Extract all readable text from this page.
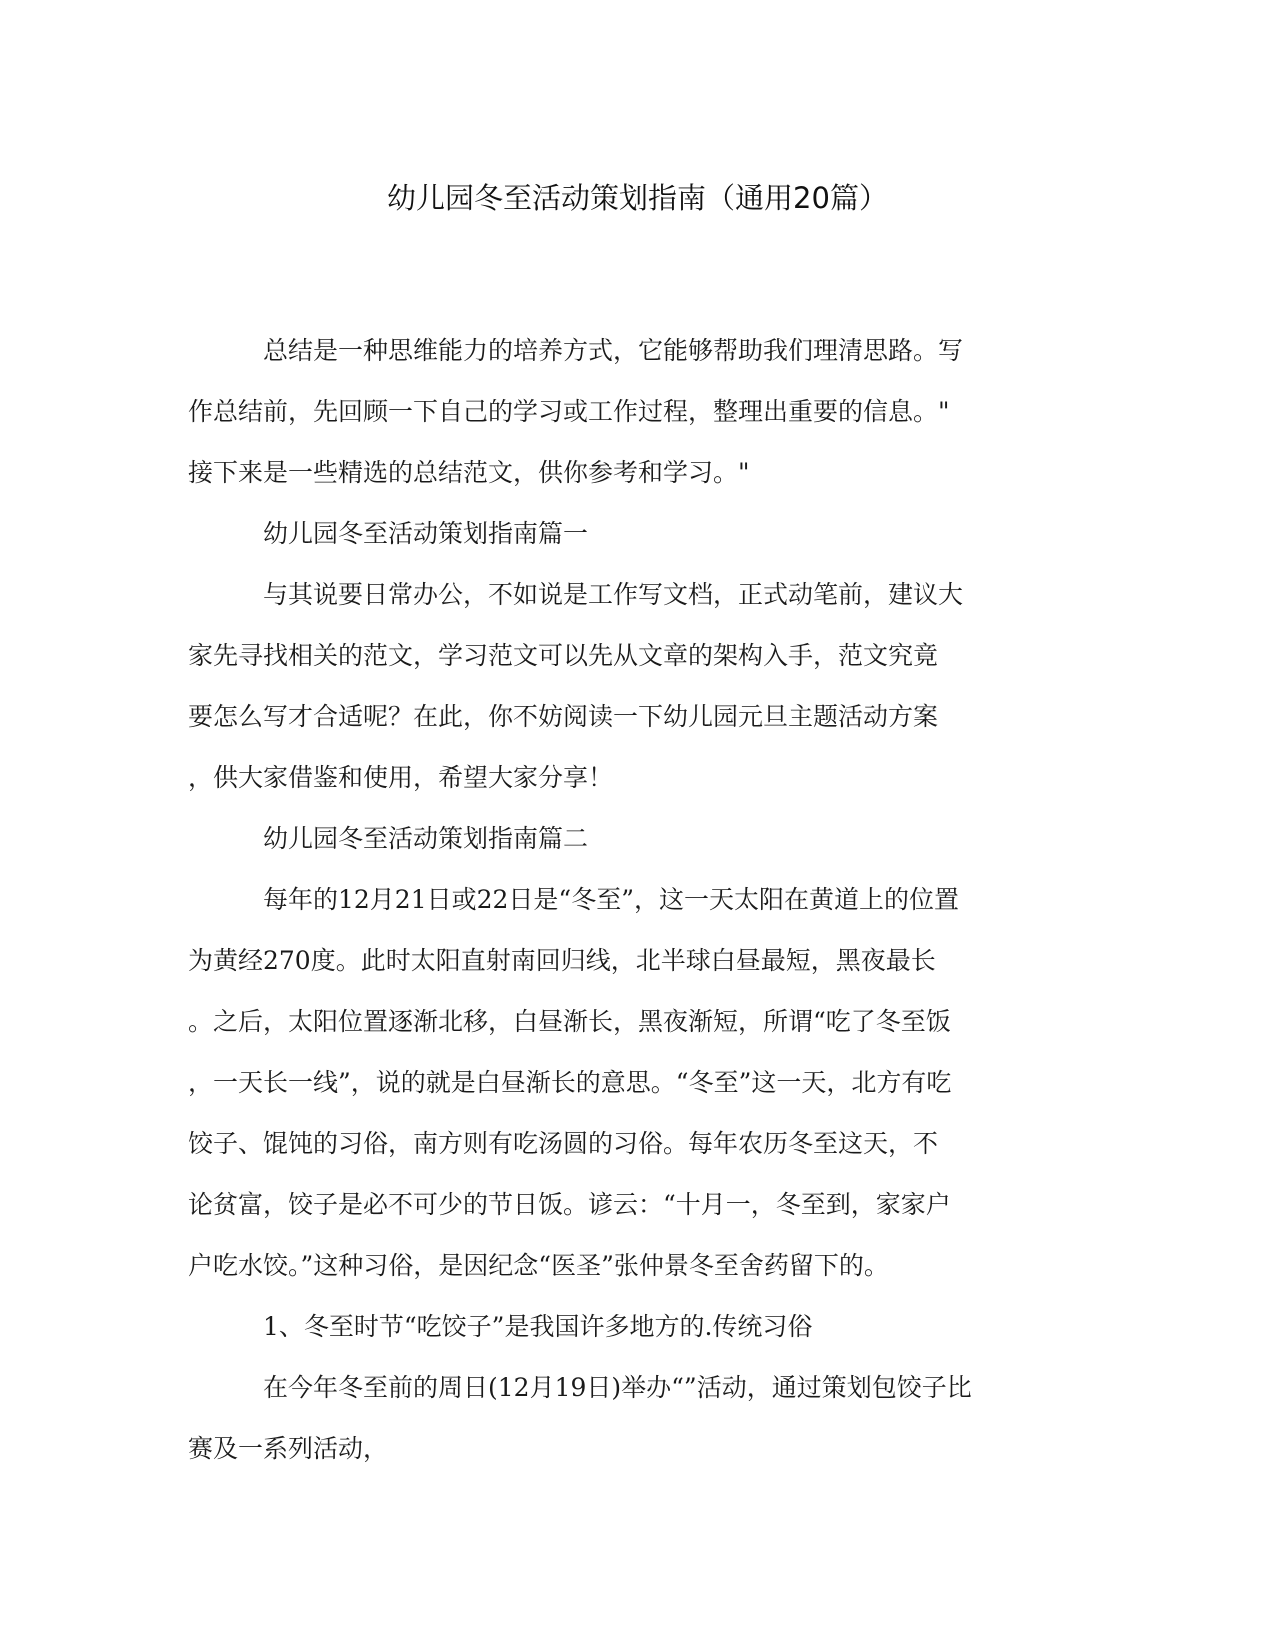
幼儿园冬至活动策划指南（通用20篇）

总结是一种思维能力的培养方式，它能够帮助我们理清思路。写
作总结前，先回顾一下自己的学习或工作过程，整理出重要的信息。"
接下来是一些精选的总结范文，供你参考和学习。"

幼儿园冬至活动策划指南篇一

与其说要日常办公，不如说是工作写文档，正式动笔前，建议大
家先寻找相关的范文，学习范文可以先从文章的架构入手，范文究竟
要怎么写才合适呢？在此，你不妨阅读一下幼儿园元旦主题活动方案
，供大家借鉴和使用，希望大家分享！

幼儿园冬至活动策划指南篇二

每年的12月21日或22日是“冬至”，这一天太阳在黄道上的位置
为黄经270度。此时太阳直射南回归线，北半球白昼最短，黑夜最长
。之后，太阳位置逐渐北移，白昼渐长，黑夜渐短，所谓“吃了冬至饭
，一天长一线”，说的就是白昼渐长的意思。“冬至”这一天，北方有吃
饺子、馄饨的习俗，南方则有吃汤圆的习俗。每年农历冬至这天，不
论贫富，饺子是必不可少的节日饭。谚云：“十月一，冬至到，家家户
户吃水饺。”这种习俗，是因纪念“医圣”张仲景冬至舍药留下的。

1、冬至时节“吃饺子”是我国许多地方的.传统习俗

在今年冬至前的周日(12月19日)举办“”活动，通过策划包饺子比
赛及一系列活动，
